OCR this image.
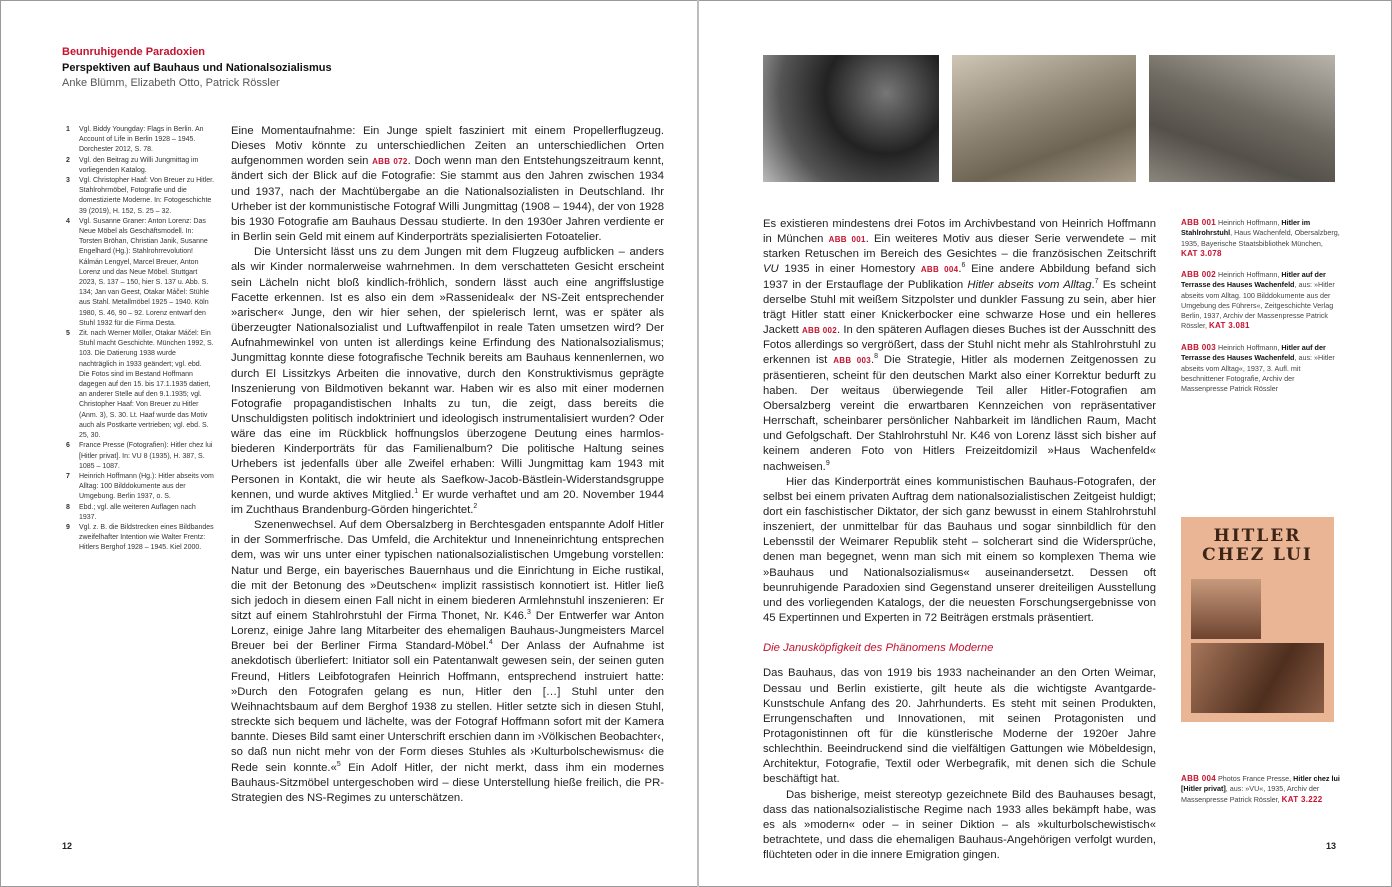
Beunruhigende Paradoxien
Perspektiven auf Bauhaus und Nationalsozialismus
Anke Blümm, Elizabeth Otto, Patrick Rössler
1	Vgl. Biddy Youngday: Flags in Berlin. An Account of Life in Berlin 1928 – 1945. Dorchester 2012, S. 78.
2	Vgl. den Beitrag zu Willi Jungmittag im vorliegenden Katalog.
3	Vgl. Christopher Haaf: Von Breuer zu Hitler. Stahlrohrmöbel, Fotografie und die domestizierte Moderne. In: Fotogeschichte 39 (2019), H. 152, S. 25 – 32.
4	Vgl. Susanne Graner: Anton Lorenz: Das Neue Möbel als Geschäftsmodell. In: Torsten Bröhan, Christian Janik, Susanne Engelhard (Hg.): Stahlrohrrevolution! Kálmán Lengyel, Marcel Breuer, Anton Lorenz und das Neue Möbel. Stuttgart 2023, S. 137 – 150, hier S. 137 u. Abb. S. 134; Jan van Geest, Otakar Máčel: Stühle aus Stahl. Metallmöbel 1925 – 1940. Köln 1980, S. 46, 90 – 92. Lorenz entwarf den Stuhl 1932 für die Firma Desta.
5	Zit. nach Werner Möller, Otakar Máčel: Ein Stuhl macht Geschichte. München 1992, S. 103. Die Datierung 1938 wurde nachträglich in 1933 geändert; vgl. ebd. Die Fotos sind im Bestand Hoffmann dagegen auf den 15. bis 17.1.1935 datiert, an anderer Stelle auf den 9.1.1935; vgl. Christopher Haaf: Von Breuer zu Hitler (Anm. 3), S. 30. Lt. Haaf wurde das Motiv auch als Postkarte vertrieben; vgl. ebd. S. 25, 30.
6	France Presse (Fotografien): Hitler chez lui [Hitler privat]. In: VU 8 (1935), H. 387, S. 1085 – 1087.
7	Heinrich Hoffmann (Hg.): Hitler abseits vom Alltag: 100 Bilddokumente aus der Umgebung. Berlin 1937, o. S.
8	Ebd.; vgl. alle weiteren Auflagen nach 1937.
9	Vgl. z. B. die Bildstrecken eines Bildbandes zweifelhafter Intention wie Walter Frentz: Hitlers Berghof 1928 – 1945. Kiel 2000.

Eine Momentaufnahme: Ein Junge spielt fasziniert mit einem Propellerflugzeug. Dieses Motiv könnte zu unterschiedlichen Zeiten an unterschiedlichen Orten aufgenommen worden sein ABB 072. Doch wenn man den Entstehungszeitraum kennt, ändert sich der Blick auf die Fotografie: Sie stammt aus den Jahren zwischen 1934 und 1937, nach der Machtübergabe an die Nationalsozialisten in Deutschland. Ihr Urheber ist der kommunistische Fotograf Willi Jungmittag (1908 – 1944), der von 1928 bis 1930 Fotografie am Bauhaus Dessau studierte. In den 1930er Jahren verdiente er in Berlin sein Geld mit einem auf Kinderporträts spezialisierten Fotoatelier.

Die Untersicht lässt uns zu dem Jungen mit dem Flugzeug aufblicken – anders als wir Kinder normalerweise wahrnehmen. In dem verschatteten Gesicht erscheint sein Lächeln nicht bloß kindlich-fröhlich, sondern lässt auch eine angriffslustige Facette erkennen. Ist es also ein dem »Rassenideal« der NS-Zeit entsprechender »arischer« Junge, den wir hier sehen, der spielerisch lernt, was er später als überzeugter Nationalsozialist und Luftwaffenpilot in reale Taten umsetzen wird? Der Aufnahmewinkel von unten ist allerdings keine Erfindung des Nationalsozialismus; Jungmittag konnte diese fotografische Technik bereits am Bauhaus kennenlernen, wo durch El Lissitzkys Arbeiten die innovative, durch den Konstruktivismus geprägte Inszenierung von Bildmotiven bekannt war. Haben wir es also mit einer modernen Fotografie propagandistischen Inhalts zu tun, die zeigt, dass bereits die Unschuldigsten politisch indoktriniert und ideologisch instrumentalisiert wurden? Oder wäre das eine im Rückblick hoffnungslos überzogene Deutung eines harmlos-biederen Kinderporträts für das Familienalbum? Die politische Haltung seines Urhebers ist jedenfalls über alle Zweifel erhaben: Willi Jungmittag kam 1943 mit Personen in Kontakt, die wir heute als Saefkow-Jacob-Bästlein-Widerstandsgruppe kennen, und wurde aktives Mitglied.$^1$ Er wurde verhaftet und am 20. November 1944 im Zuchthaus Brandenburg-Görden hingerichtet.$^2$

Szenenwechsel. Auf dem Obersalzberg in Berchtesgaden entspannte Adolf Hitler in der Sommerfrische. Das Umfeld, die Architektur und Inneneinrichtung entsprechen dem, was wir uns unter einer typischen nationalsozialistischen Umgebung vorstellen: Natur und Berge, ein bayerisches Bauernhaus und die Einrichtung in Eiche rustikal, die mit der Betonung des »Deutschen« implizit rassistisch konnotiert ist. Hitler ließ sich jedoch in diesem einen Fall nicht in einem biederen Armlehnstuhl inszenieren: Er sitzt auf einem Stahlrohrstuhl der Firma Thonet, Nr. K46.$^3$ Der Entwerfer war Anton Lorenz, einige Jahre lang Mitarbeiter des ehemaligen Bauhaus-Jungmeisters Marcel Breuer bei der Berliner Firma Standard-Möbel.$^4$ Der Anlass der Aufnahme ist anekdotisch überliefert: Initiator soll ein Patentanwalt gewesen sein, der seinen guten Freund, Hitlers Leibfotografen Heinrich Hoffmann, entsprechend instruiert hatte: »Durch den Fotografen gelang es nun, Hitler den […] Stuhl unter den Weihnachtsbaum auf dem Berghof 1938 zu stellen. Hitler setzte sich in diesen Stuhl, streckte sich bequem und lächelte, was der Fotograf Hoffmann sofort mit der Kamera bannte. Dieses Bild samt einer Unterschrift erschien dann im ›Völkischen Beobachter‹, so daß nun nicht mehr von der Form dieses Stuhles als ›Kulturbolschewismus‹ die Rede sein konnte.«$^5$ Ein Adolf Hitler, der nicht merkt, dass ihm ein modernes Bauhaus-Sitzmöbel untergeschoben wird – diese Unterstellung hieße freilich, die PR-Strategien des NS-Regimes zu unterschätzen.

Es existieren mindestens drei Fotos im Archivbestand von Heinrich Hoffmann in München ABB 001. Ein weiteres Motiv aus dieser Serie verwendete – mit starken Retuschen im Bereich des Gesichtes – die französischen Zeitschrift VU 1935 in einer Homestory ABB 004.$^6$ Eine andere Abbildung befand sich 1937 in der Erstauflage der Publikation Hitler abseits vom Alltag.$^7$ Es scheint derselbe Stuhl mit weißem Sitzpolster und dunkler Fassung zu sein, aber hier trägt Hitler statt einer Knickerbocker eine schwarze Hose und ein helleres Jackett ABB 002. In den späteren Auflagen dieses Buches ist der Ausschnitt des Fotos allerdings so vergrößert, dass der Stuhl nicht mehr als Stahlrohrstuhl zu erkennen ist ABB 003.$^8$ Die Strategie, Hitler als modernen Zeitgenossen zu präsentieren, scheint für den deutschen Markt also einer Korrektur bedurft zu haben. Der weitaus überwiegende Teil aller Hitler-Fotografien am Obersalzberg vereint die erwartbaren Kennzeichen von repräsentativer Herrschaft, scheinbarer persönlicher Nahbarkeit im ländlichen Raum, Macht und Gefolgschaft. Der Stahlrohrstuhl Nr. K46 von Lorenz lässt sich bisher auf keinem anderen Foto von Hitlers Freizeitdomizil »Haus Wachenfeld« nachweisen.$^9$

Hier das Kinderporträt eines kommunistischen Bauhaus-Fotografen, der selbst bei einem privaten Auftrag dem nationalsozialistischen Zeitgeist huldigt; dort ein faschistischer Diktator, der sich ganz bewusst in einem Stahlrohrstuhl inszeniert, der unmittelbar für das Bauhaus und sogar sinnbildlich für den Lebensstil der Weimarer Republik steht – solcherart sind die Widersprüche, denen man begegnet, wenn man sich mit einem so komplexen Thema wie »Bauhaus und Nationalsozialismus« auseinandersetzt. Dessen oft beunruhigende Paradoxien sind Gegenstand unserer dreiteiligen Ausstellung und des vorliegenden Katalogs, der die neuesten Forschungsergebnisse von 45 Expertinnen und Experten in 72 Beiträgen erstmals präsentiert.

Die Janusköpfigkeit des Phänomens Moderne

Das Bauhaus, das von 1919 bis 1933 nacheinander an den Orten Weimar, Dessau und Berlin existierte, gilt heute als die wichtigste Avantgarde-Kunstschule Anfang des 20. Jahrhunderts. Es steht mit seinen Produkten, Errungenschaften und Innovationen, mit seinen Protagonisten und Protagonistinnen oft für die künstlerische Moderne der 1920er Jahre schlechthin. Beeindruckend sind die vielfältigen Gattungen wie Möbeldesign, Architektur, Fotografie, Textil oder Werbegrafik, mit denen sich die Schule beschäftigt hat.

Das bisherige, meist stereotyp gezeichnete Bild des Bauhauses besagt, dass das nationalsozialistische Regime nach 1933 alles bekämpft habe, was es als »modern« oder – in seiner Diktion – als »kulturbolschewistisch« betrachtete, und dass die ehemaligen Bauhaus-Angehörigen verfolgt wurden, flüchteten oder in die innere Emigration gingen.

ABB 001 Heinrich Hoffmann, Hitler im Stahlrohrstuhl, Haus Wachenfeld, Obersalzberg, 1935, Bayerische Staatsbibliothek München, KAT 3.078
ABB 002 Heinrich Hoffmann, Hitler auf der Terrasse des Hauses Wachenfeld, aus: »Hitler abseits vom Alltag. 100 Bilddokumente aus der Umgebung des Führers«, Zeitgeschichte Verlag Berlin, 1937, Archiv der Massenpresse Patrick Rössler, KAT 3.081
ABB 003 Heinrich Hoffmann, Hitler auf der Terrasse des Hauses Wachenfeld, aus: »Hitler abseits vom Alltag«, 1937, 3. Aufl. mit beschnittener Fotografie, Archiv der Massenpresse Patrick Rössler
HITLER
CHEZ LUI
ABB 004 Photos France Presse, Hitler chez lui [Hitler privat], aus: »VU«, 1935, Archiv der Massenpresse Patrick Rössler, KAT 3.222
12	13
